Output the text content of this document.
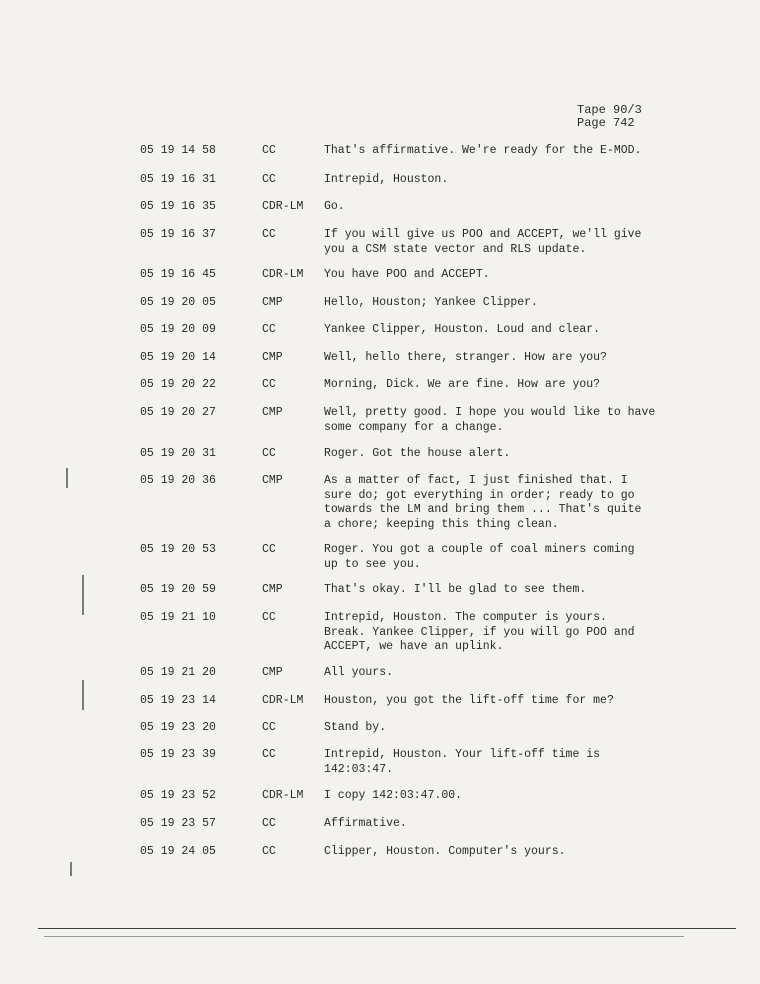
Tape 90/3
Page 742
05 19 14 58	CC	That's affirmative. We're ready for the E-MOD.
05 19 16 31	CC	Intrepid, Houston.
05 19 16 35	CDR-LM Go.
05 19 16 37	CC	If you will give us POO and ACCEPT, we'll give
you a CSM state vector and RLS update.
05 19 16 45	CDR-LM You have POO and ACCEPT.
05 19 20 05	CMP	Hello, Houston; Yankee Clipper.
05 19 20 09	CC	Yankee Clipper, Houston. Loud and clear.
05 19 20 14	CMP	Well, hello there, stranger. How are you?
05 19 20 22	CC	Morning, Dick. We are fine. How are you?
05 19 20 27	CMP	Well, pretty good. I hope you would like to have
some company for a change.
05 19 20 31	CC	Roger. Got the house alert.
05 19 20 36	CMP	As a matter of fact, I just finished that. I
sure do; got everything in order; ready to go
towards the LM and bring them ... That's quite
a chore; keeping this thing clean.
05 19 20 53	CC	Roger. You got a couple of coal miners coming
up to see you.
05 19 20 59	CMP	That's okay. I'll be glad to see them.
05 19 21 10	CC	Intrepid, Houston. The computer is yours.
Break. Yankee Clipper, if you will go POO and
ACCEPT, we have an uplink.
05 19 21 20	CMP	All yours.
05 19 23 14	CDR-LM Houston, you got the lift-off time for me?
05 19 23 20	CC	Stand by.
05 19 23 39	CC	Intrepid, Houston. Your lift-off time is
142:03:47.
05 19 23 52	CDR-LM I copy 142:03:47.00.
05 19 23 57	CC	Affirmative.
05 19 24 05	CC	Clipper, Houston. Computer's yours.
